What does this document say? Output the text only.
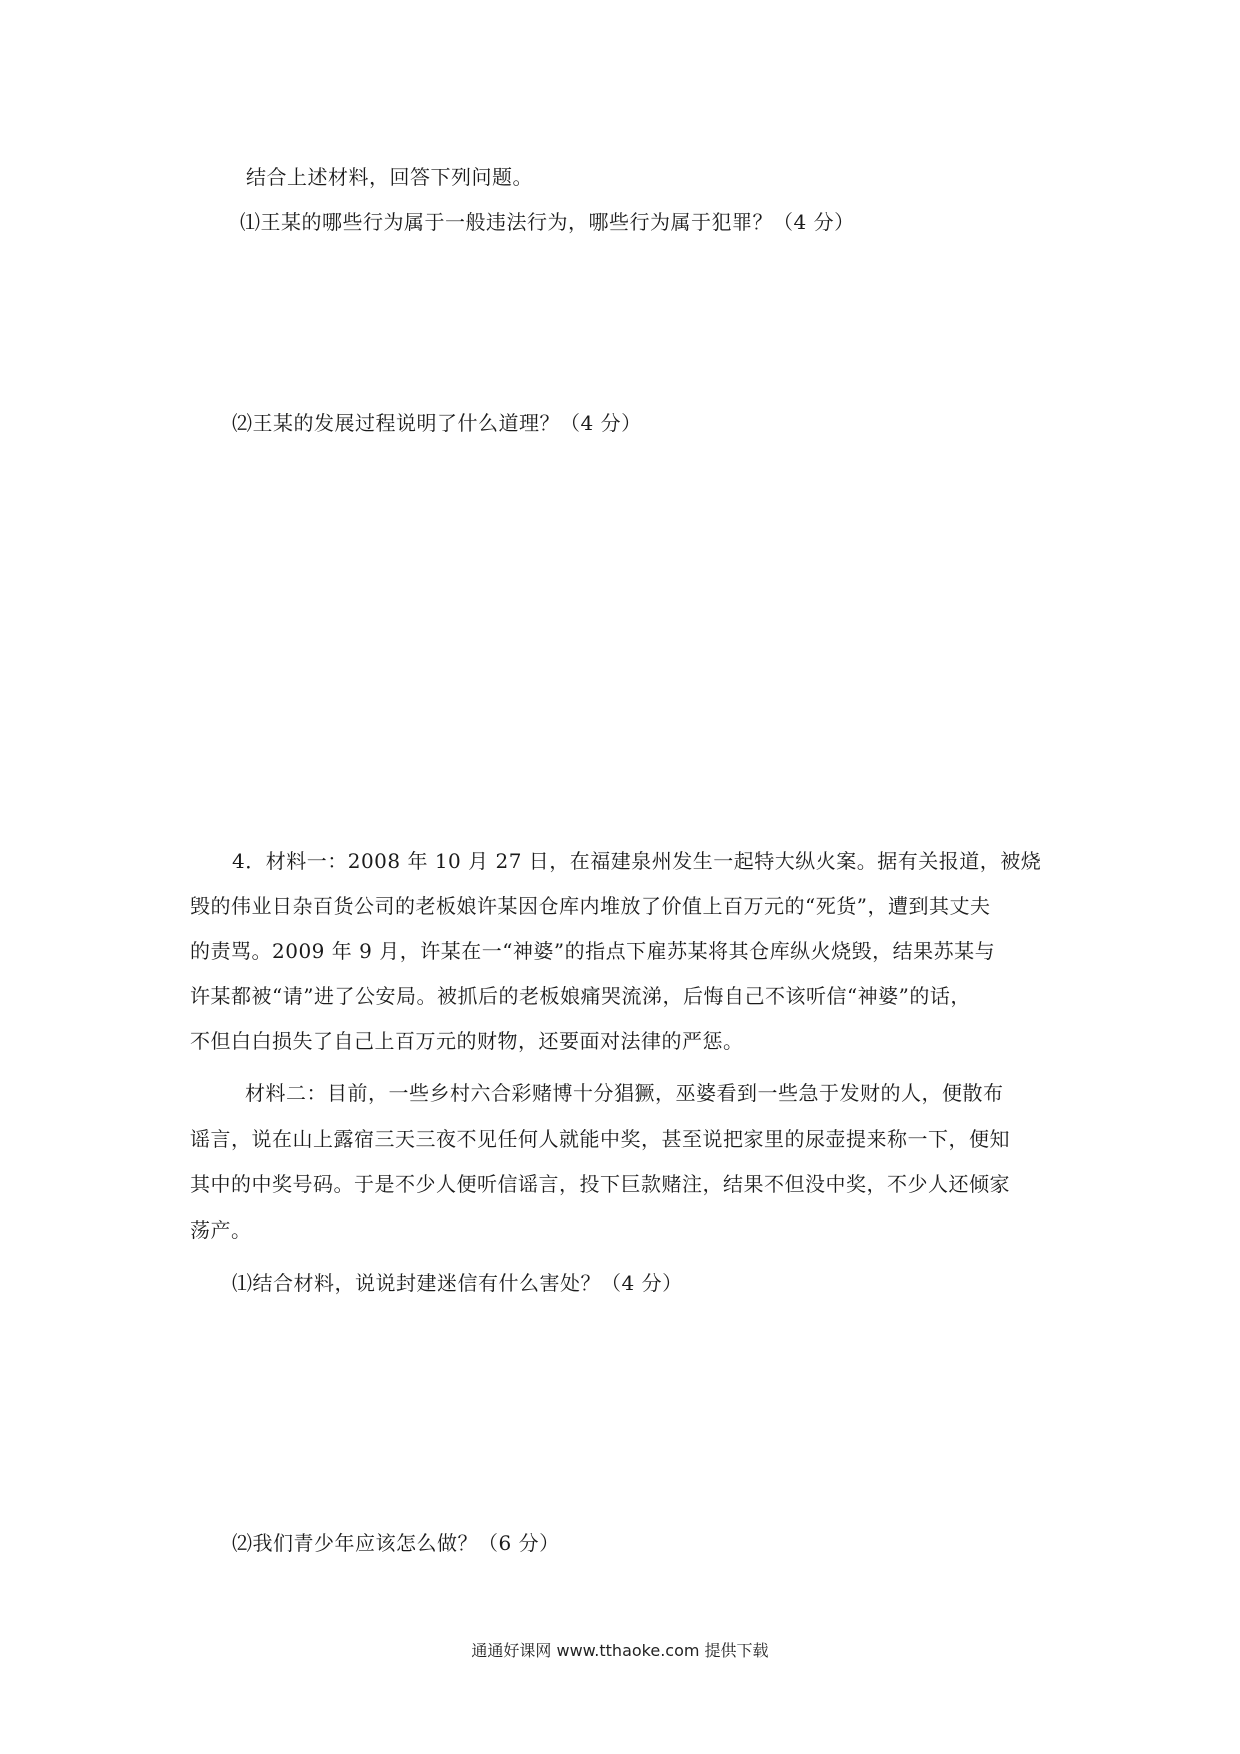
结合上述材料，回答下列问题。
⑴王某的哪些行为属于一般违法行为，哪些行为属于犯罪？（4 分）
⑵王某的发展过程说明了什么道理？（4 分）
4．材料一：2008 年 10 月 27 日，在福建泉州发生一起特大纵火案。据有关报道，被烧
毁的伟业日杂百货公司的老板娘许某因仓库内堆放了价值上百万元的“死货”，遭到其丈夫
的责骂。2009 年 9 月，许某在一“神婆”的指点下雇苏某将其仓库纵火烧毁，结果苏某与
许某都被“请”进了公安局。被抓后的老板娘痛哭流涕，后悔自己不该听信“神婆”的话，
不但白白损失了自己上百万元的财物，还要面对法律的严惩。
材料二：目前，一些乡村六合彩赌博十分猖獗，巫婆看到一些急于发财的人，便散布
谣言，说在山上露宿三天三夜不见任何人就能中奖，甚至说把家里的尿壶提来称一下，便知
其中的中奖号码。于是不少人便听信谣言，投下巨款赌注，结果不但没中奖，不少人还倾家
荡产。
⑴结合材料，说说封建迷信有什么害处？（4 分）
⑵我们青少年应该怎么做？（6 分）
通通好课网 www.tthaoke.com 提供下载
